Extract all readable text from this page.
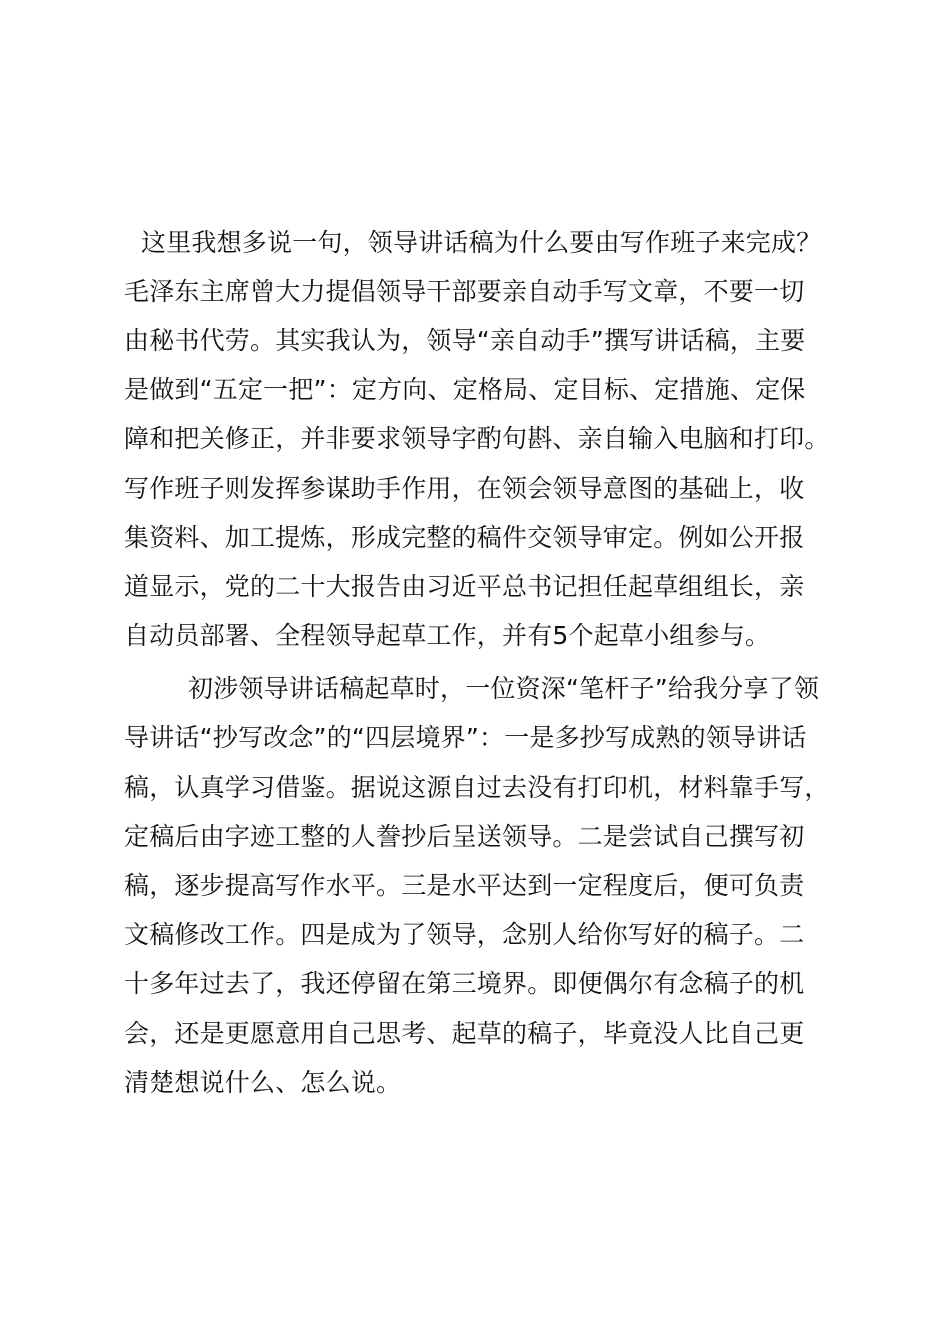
这里我想多说一句，领导讲话稿为什么要由写作班子来完成？

毛泽东主席曾大力提倡领导干部要亲自动手写文章，不要一切

由秘书代劳。其实我认为，领导“亲自动手”撰写讲话稿，主要

是做到“五定一把”：定方向、定格局、定目标、定措施、定保

障和把关修正，并非要求领导字酌句斟、亲自输入电脑和打印。

写作班子则发挥参谋助手作用，在领会领导意图的基础上，收

集资料、加工提炼，形成完整的稿件交领导审定。例如公开报

道显示，党的二十大报告由习近平总书记担任起草组组长，亲

自动员部署、全程领导起草工作，并有5个起草小组参与。

初涉领导讲话稿起草时，一位资深“笔杆子”给我分享了领

导讲话“抄写改念”的“四层境界”：一是多抄写成熟的领导讲话

稿，认真学习借鉴。据说这源自过去没有打印机，材料靠手写，

定稿后由字迹工整的人誊抄后呈送领导。二是尝试自己撰写初

稿，逐步提高写作水平。三是水平达到一定程度后，便可负责

文稿修改工作。四是成为了领导，念别人给你写好的稿子。二

十多年过去了，我还停留在第三境界。即便偶尔有念稿子的机

会，还是更愿意用自己思考、起草的稿子，毕竟没人比自己更

清楚想说什么、怎么说。
